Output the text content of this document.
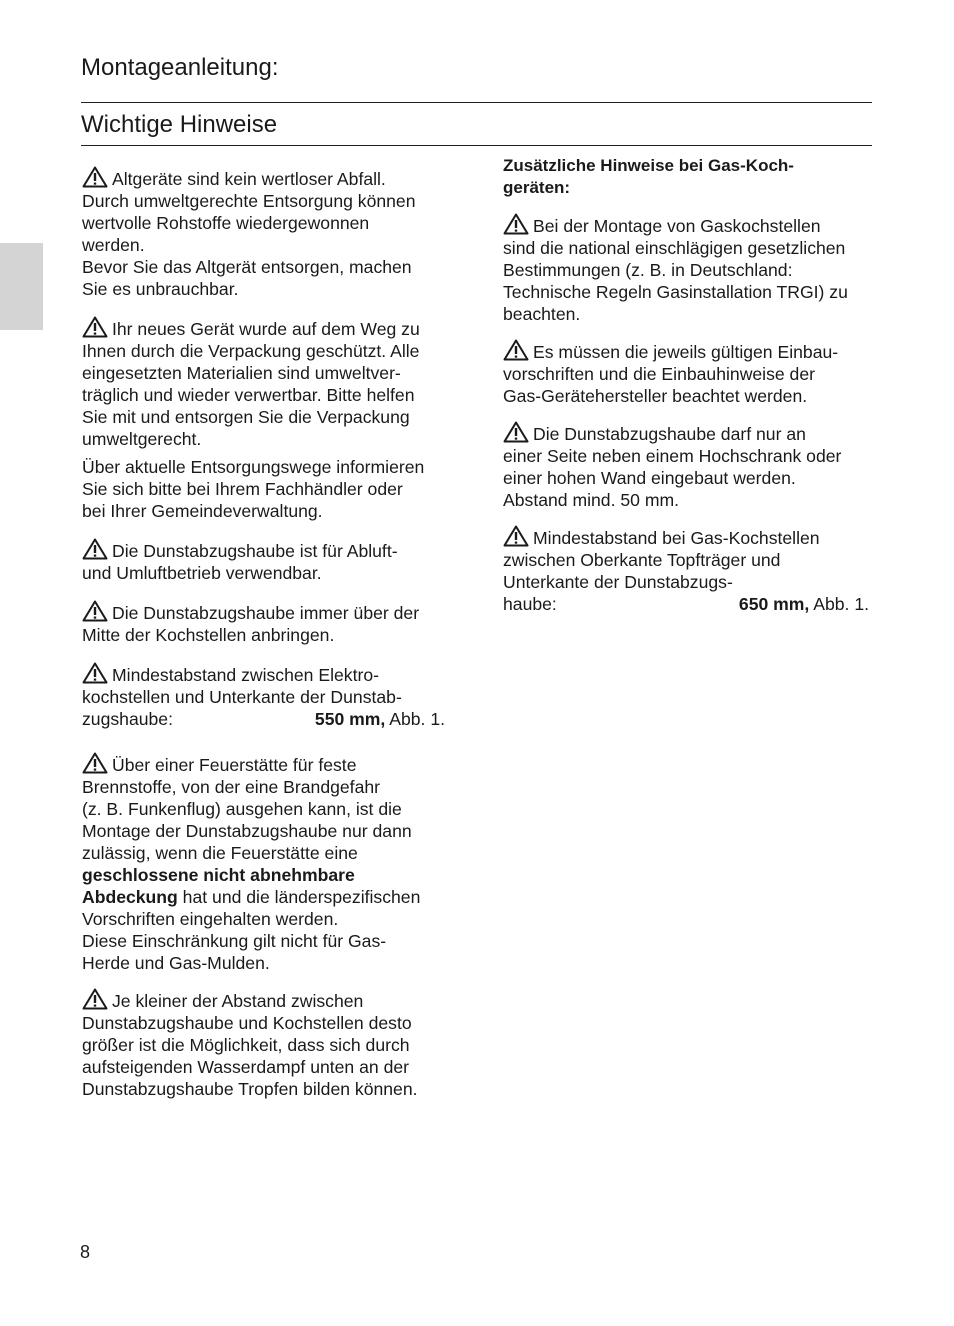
Montageanleitung:
Wichtige Hinweise
Altgeräte sind kein wertloser Abfall.
Durch umweltgerechte Entsorgung können
wertvolle Rohstoffe wiedergewonnen
werden.
Bevor Sie das Altgerät entsorgen, machen
Sie es unbrauchbar.
Ihr neues Gerät wurde auf dem Weg zu
Ihnen durch die Verpackung geschützt. Alle
eingesetzten Materialien sind umweltver-
träglich und wieder verwertbar. Bitte helfen
Sie mit und entsorgen Sie die Verpackung
umweltgerecht.
Über aktuelle Entsorgungswege informieren
Sie sich bitte bei Ihrem Fachhändler oder
bei Ihrer Gemeindeverwaltung.
Die Dunstabzugshaube ist für Abluft-
und Umluftbetrieb verwendbar.
Die Dunstabzugshaube immer über der
Mitte der Kochstellen anbringen.
Mindestabstand zwischen Elektro-
kochstellen und Unterkante der Dunstab-
zugshaube:	550 mm, Abb. 1.
Über einer Feuerstätte für feste
Brennstoffe, von der eine Brandgefahr
(z. B. Funkenflug) ausgehen kann, ist die
Montage der Dunstabzugshaube nur dann
zulässig, wenn die Feuerstätte eine
geschlossene nicht abnehmbare
Abdeckung hat und die länderspezifischen
Vorschriften eingehalten werden.
Diese Einschränkung gilt nicht für Gas-
Herde und Gas-Mulden.
Je kleiner der Abstand zwischen
Dunstabzugshaube und Kochstellen desto
größer ist die Möglichkeit, dass sich durch
aufsteigenden Wasserdampf unten an der
Dunstabzugshaube Tropfen bilden können.
Zusätzliche Hinweise bei Gas-Koch-
geräten:
Bei der Montage von Gaskochstellen
sind die national einschlägigen gesetzlichen
Bestimmungen (z. B. in Deutschland:
Technische Regeln Gasinstallation TRGI) zu
beachten.
Es müssen die jeweils gültigen Einbau-
vorschriften und die Einbauhinweise der
Gas-Gerätehersteller beachtet werden.
Die Dunstabzugshaube darf nur an
einer Seite neben einem Hochschrank oder
einer hohen Wand eingebaut werden.
Abstand mind. 50 mm.
Mindestabstand bei Gas-Kochstellen
zwischen Oberkante Topfträger und
Unterkante der Dunstabzugs-
haube:	650 mm, Abb. 1.
8
